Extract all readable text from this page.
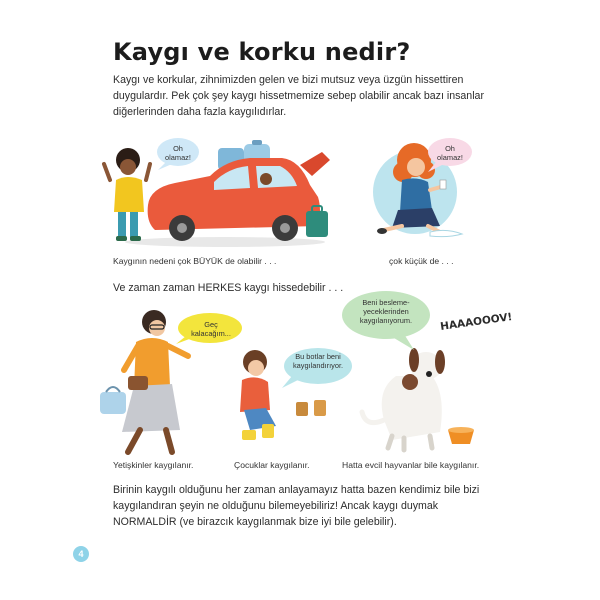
Kaygı ve korku nedir?
Kaygı ve korkular, zihnimizden gelen ve bizi mutsuz veya üzgün hissettiren duygulardır. Pek çok şey kaygı hissetmemize sebep olabilir ancak bazı insanlar diğerlerinden daha fazla kaygılıdırlar.
Oh olamaz!
Oh olamaz!
Kaygının nedeni çok BÜYÜK de olabilir . . .	çok küçük de . . .
Ve zaman zaman HERKES kaygı hissedebilir . . .
Geç kalacağım...
Bu botlar beni kaygılandırıyor.
Beni besleme-yeceklerinden kaygılanıyorum.	HAAAOOOV!
Yetişkinler kaygılanır.	Çocuklar kaygılanır.	Hatta evcil hayvanlar bile kaygılanır.
Birinin kaygılı olduğunu her zaman anlayamayız hatta bazen kendimiz bile bizi kaygılandıran şeyin ne olduğunu bilemeyebiliriz! Ancak kaygı duymak NORMALDİR (ve birazcık kaygılanmak bize iyi bile gelebilir).
4
